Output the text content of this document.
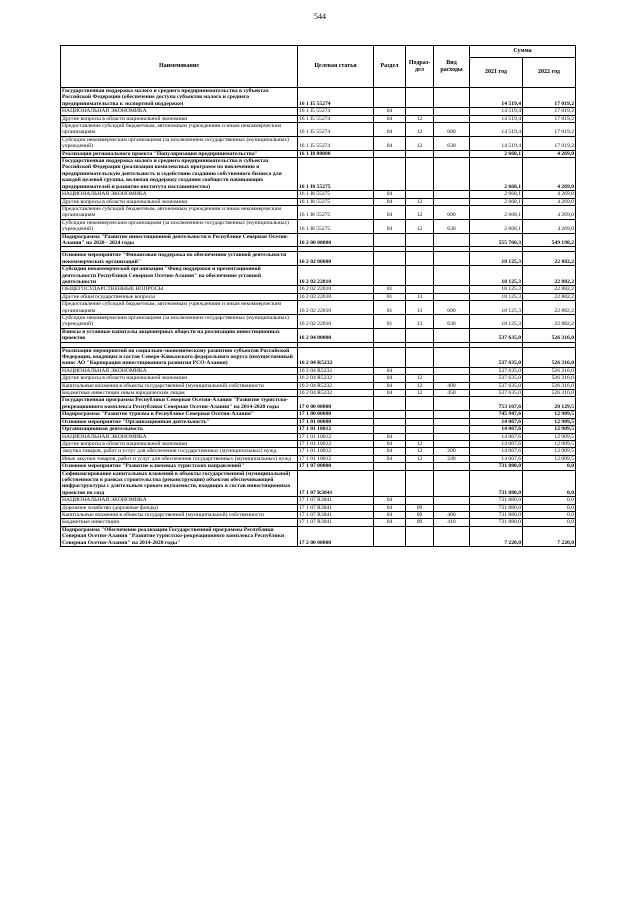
544
Наименование	Целевая статья	Раздел	Подраз-дел	Вид расходы	Сумма	
					2021 год	2022 год
Государственная поддержка малого и среднего предпринимательства в субъектах Российской Федерации (обеспечение доступа субъектов малого и среднего предпринимательства к экспортной поддержке)	16 1 I5 55274				14 519,4	17 019,2
НАЦИОНАЛЬНАЯ ЭКОНОМИКА	16 1 I5 55274	04			14 519,4	17 019,2
Другие вопросы в области национальной экономики	16 1 I5 55274	04	12		14 519,4	17 019,2
Предоставление субсидий бюджетным, автономным учреждениям и иным некоммерческим организациям	16 1 I5 55274	04	12	600	14 519,4	17 019,2
Субсидии некоммерческим организациям (за исключением государственных (муниципальных) учреждений)	16 1 I5 55274	04	12	630	14 519,4	17 019,2
Реализация регионального проекта "Популяризация предпринимательства"	16 1 I8 00000				2 668,1	4 269,0
Государственная поддержка малого и среднего предпринимательства в субъектах Российской Федерации (реализация комплексных программ по вовлечению в предпринимательскую деятельность и содействию созданию собственного бизнеса для каждой целевой группы, включая поддержку создания сообществ начинающих предпринимателей и развитие института наставничества)	16 1 I8 55275				2 668,1	4 269,0
НАЦИОНАЛЬНАЯ ЭКОНОМИКА	16 1 I8 55275	04			2 668,1	4 269,0
Другие вопросы в области национальной экономики	16 1 I8 55275	04	12		2 668,1	4 269,0
Предоставление субсидий бюджетным, автономным учреждениям и иным некоммерческим организациям	16 1 I8 55275	04	12	600	2 668,1	4 269,0
Субсидии некоммерческим организациям (за исключением государственных (муниципальных) учреждений)	16 1 I8 55275	04	12	630	2 668,1	4 269,0
Подпрограмма "Развитие инвестиционной деятельности в Республике Северная Осетия-Алания" на 2020 - 2024 годы	16 2 00 00000				555 760,3	549 198,2

Основное мероприятие "Финансовая поддержка по обеспечению уставной деятельности некоммерческих организаций"	16 2 02 00000				18 125,3	22 882,2
Субсидия некоммерческой организации "Фонд поддержки и презентационной деятельности Республики Северная Осетия-Алания" на обеспечение уставной деятельности	16 2 02 22010				18 125,3	22 882,2
ОБЩЕГОСУДАРСТВЕННЫЕ ВОПРОСЫ	16 2 02 22010	01			18 125,3	22 882,2
Другие общегосударственные вопросы	16 2 02 22010	01	13		18 125,3	22 882,2
Предоставление субсидий бюджетным, автономным учреждениям и иным некоммерческим организациям	16 2 02 22010	01	13	600	18 125,3	22 882,2
Субсидии некоммерческим организациям (за исключением государственных (муниципальных) учреждений)	16 2 02 22010	01	13	630	18 125,3	22 882,2
Взносы в уставные капиталы акционерных обществ на реализацию инвестиционных проектов	16 2 04 00000				537 635,0	526 316,0

Реализация мероприятий по социально-экономическому развитию субъектов Российской Федерации, входящих в состав Северо-Кавказского федерального округа (имущественный взнос АО "Корпорация инвестиционного развития РСО-Алания)	16 2 04 R5232				537 635,0	526 316,0
НАЦИОНАЛЬНАЯ ЭКОНОМИКА	16 2 04 R5232	04			537 635,0	526 316,0
Другие вопросы в области национальной экономики	16 2 04 R5232	04	12		537 635,0	526 316,0
Капитальные вложения в объекты государственной (муниципальной) собственности	16 2 04 R5232	04	12	400	537 635,0	526 316,0
Бюджетные инвестиции иным юридическим лицам	16 2 04 R5232	04	12	450	537 635,0	526 316,0
Государственная программа Республики Северная Осетия-Алания "Развитие туристско-рекреационного комплекса Республики Северная Осетия-Алания" на 2014-2020 годы	17 0 00 00000				753 167,6	20 129,5
Подпрограмма "Развитие туризма в Республике Северная Осетия-Алания"	17 1 00 00000				745 947,6	12 909,5
Основное мероприятие "Организационная деятельность"	17 1 01 00000				14 067,6	12 909,5
Организационная деятельность	17 1 01 10012				14 067,6	12 909,5
НАЦИОНАЛЬНАЯ ЭКОНОМИКА	17 1 01 10012	04			14 067,6	12 909,5
Другие вопросы в области национальной экономики	17 1 01 10012	04	12		14 067,6	12 909,5
Закупка товаров, работ и услуг для обеспечения государственных (муниципальных) нужд	17 1 01 10012	04	12	200	14 067,6	12 909,5
Иные закупки товаров, работ и услуг для обеспечения государственных (муниципальных) нужд	17 1 01 10012	04	12	240	14 067,6	12 909,5
Основное мероприятие "Развитие ключевых туристских направлений"	17 1 07 00000				731 880,0	0,0
Софинансирование капитальных вложений в объекты государственной (муниципальной) собственности в рамках строительства (реконструкции) объектов обеспечивающей инфраструктуры с длительным сроком окупаемости, входящих в состав инвестиционных проектов по созд	17 1 07 R3841				731 880,0	0,0
НАЦИОНАЛЬНАЯ ЭКОНОМИКА	17 1 07 R3841	04			731 880,0	0,0
Дорожное хозяйство (дорожные фонды)	17 1 07 R3841	04	09		731 880,0	0,0
Капитальные вложения в объекты государственной (муниципальной) собственности	17 1 07 R3841	04	09	400	731 880,0	0,0
Бюджетные инвестиции	17 1 07 R3841	04	09	410	731 880,0	0,0
Подпрограмма "Обеспечение реализации Государственной программы Республики Северная Осетия-Алания "Развитие туристско-рекреационного комплекса Республики Северная Осетия-Алания" на 2014-2020 годы"	17 2 00 00000				7 220,0	7 220,0
